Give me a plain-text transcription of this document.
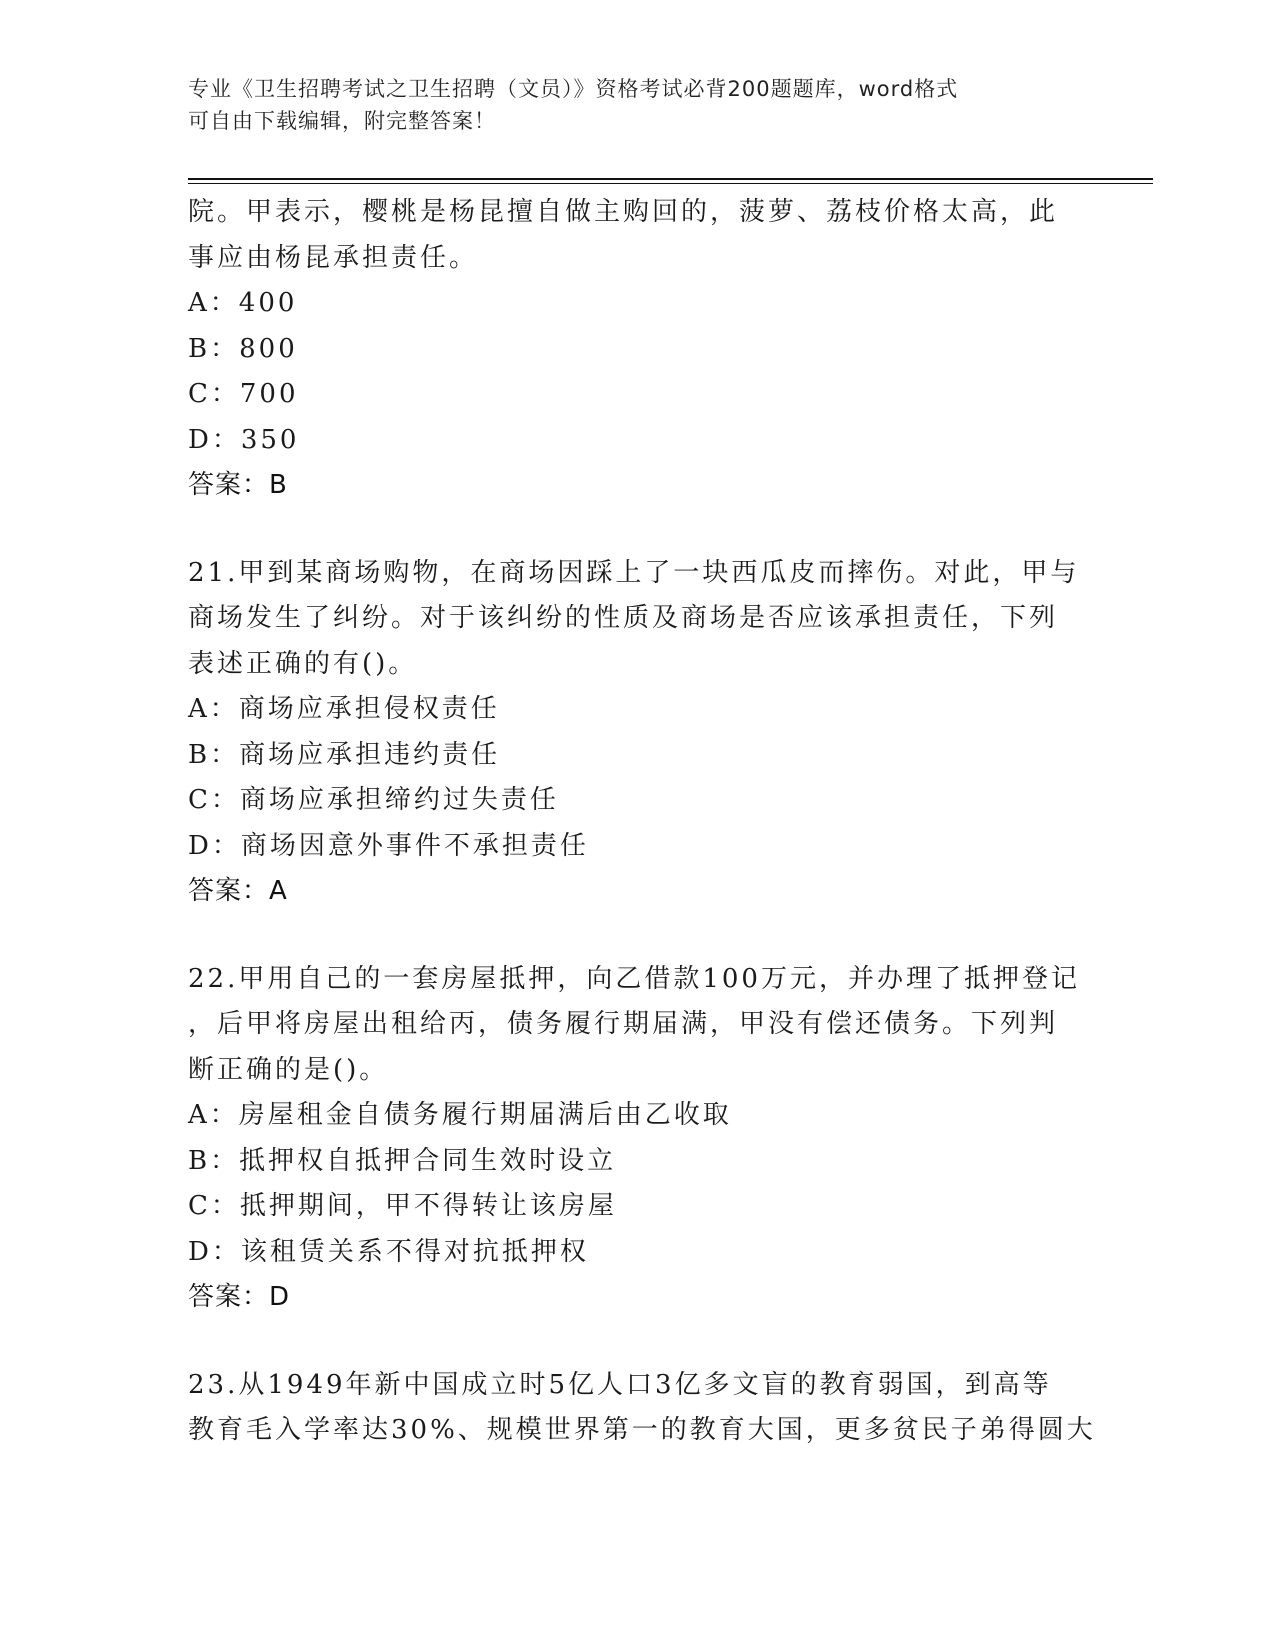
专业《卫生招聘考试之卫生招聘（文员）》资格考试必背200题题库，word格式
可自由下载编辑，附完整答案！
院。甲表示，樱桃是杨昆擅自做主购回的，菠萝、荔枝价格太高，此
事应由杨昆承担责任。
A：400
B：800
C：700
D：350
答案：B
21.甲到某商场购物，在商场因踩上了一块西瓜皮而摔伤。对此，甲与
商场发生了纠纷。对于该纠纷的性质及商场是否应该承担责任，下列
表述正确的有()。
A：商场应承担侵权责任
B：商场应承担违约责任
C：商场应承担缔约过失责任
D：商场因意外事件不承担责任
答案：A
22.甲用自己的一套房屋抵押，向乙借款100万元，并办理了抵押登记
，后甲将房屋出租给丙，债务履行期届满，甲没有偿还债务。下列判
断正确的是()。
A：房屋租金自债务履行期届满后由乙收取
B：抵押权自抵押合同生效时设立
C：抵押期间，甲不得转让该房屋
D：该租赁关系不得对抗抵押权
答案：D
23.从1949年新中国成立时5亿人口3亿多文盲的教育弱国，到高等
教育毛入学率达30%、规模世界第一的教育大国，更多贫民子弟得圆大
